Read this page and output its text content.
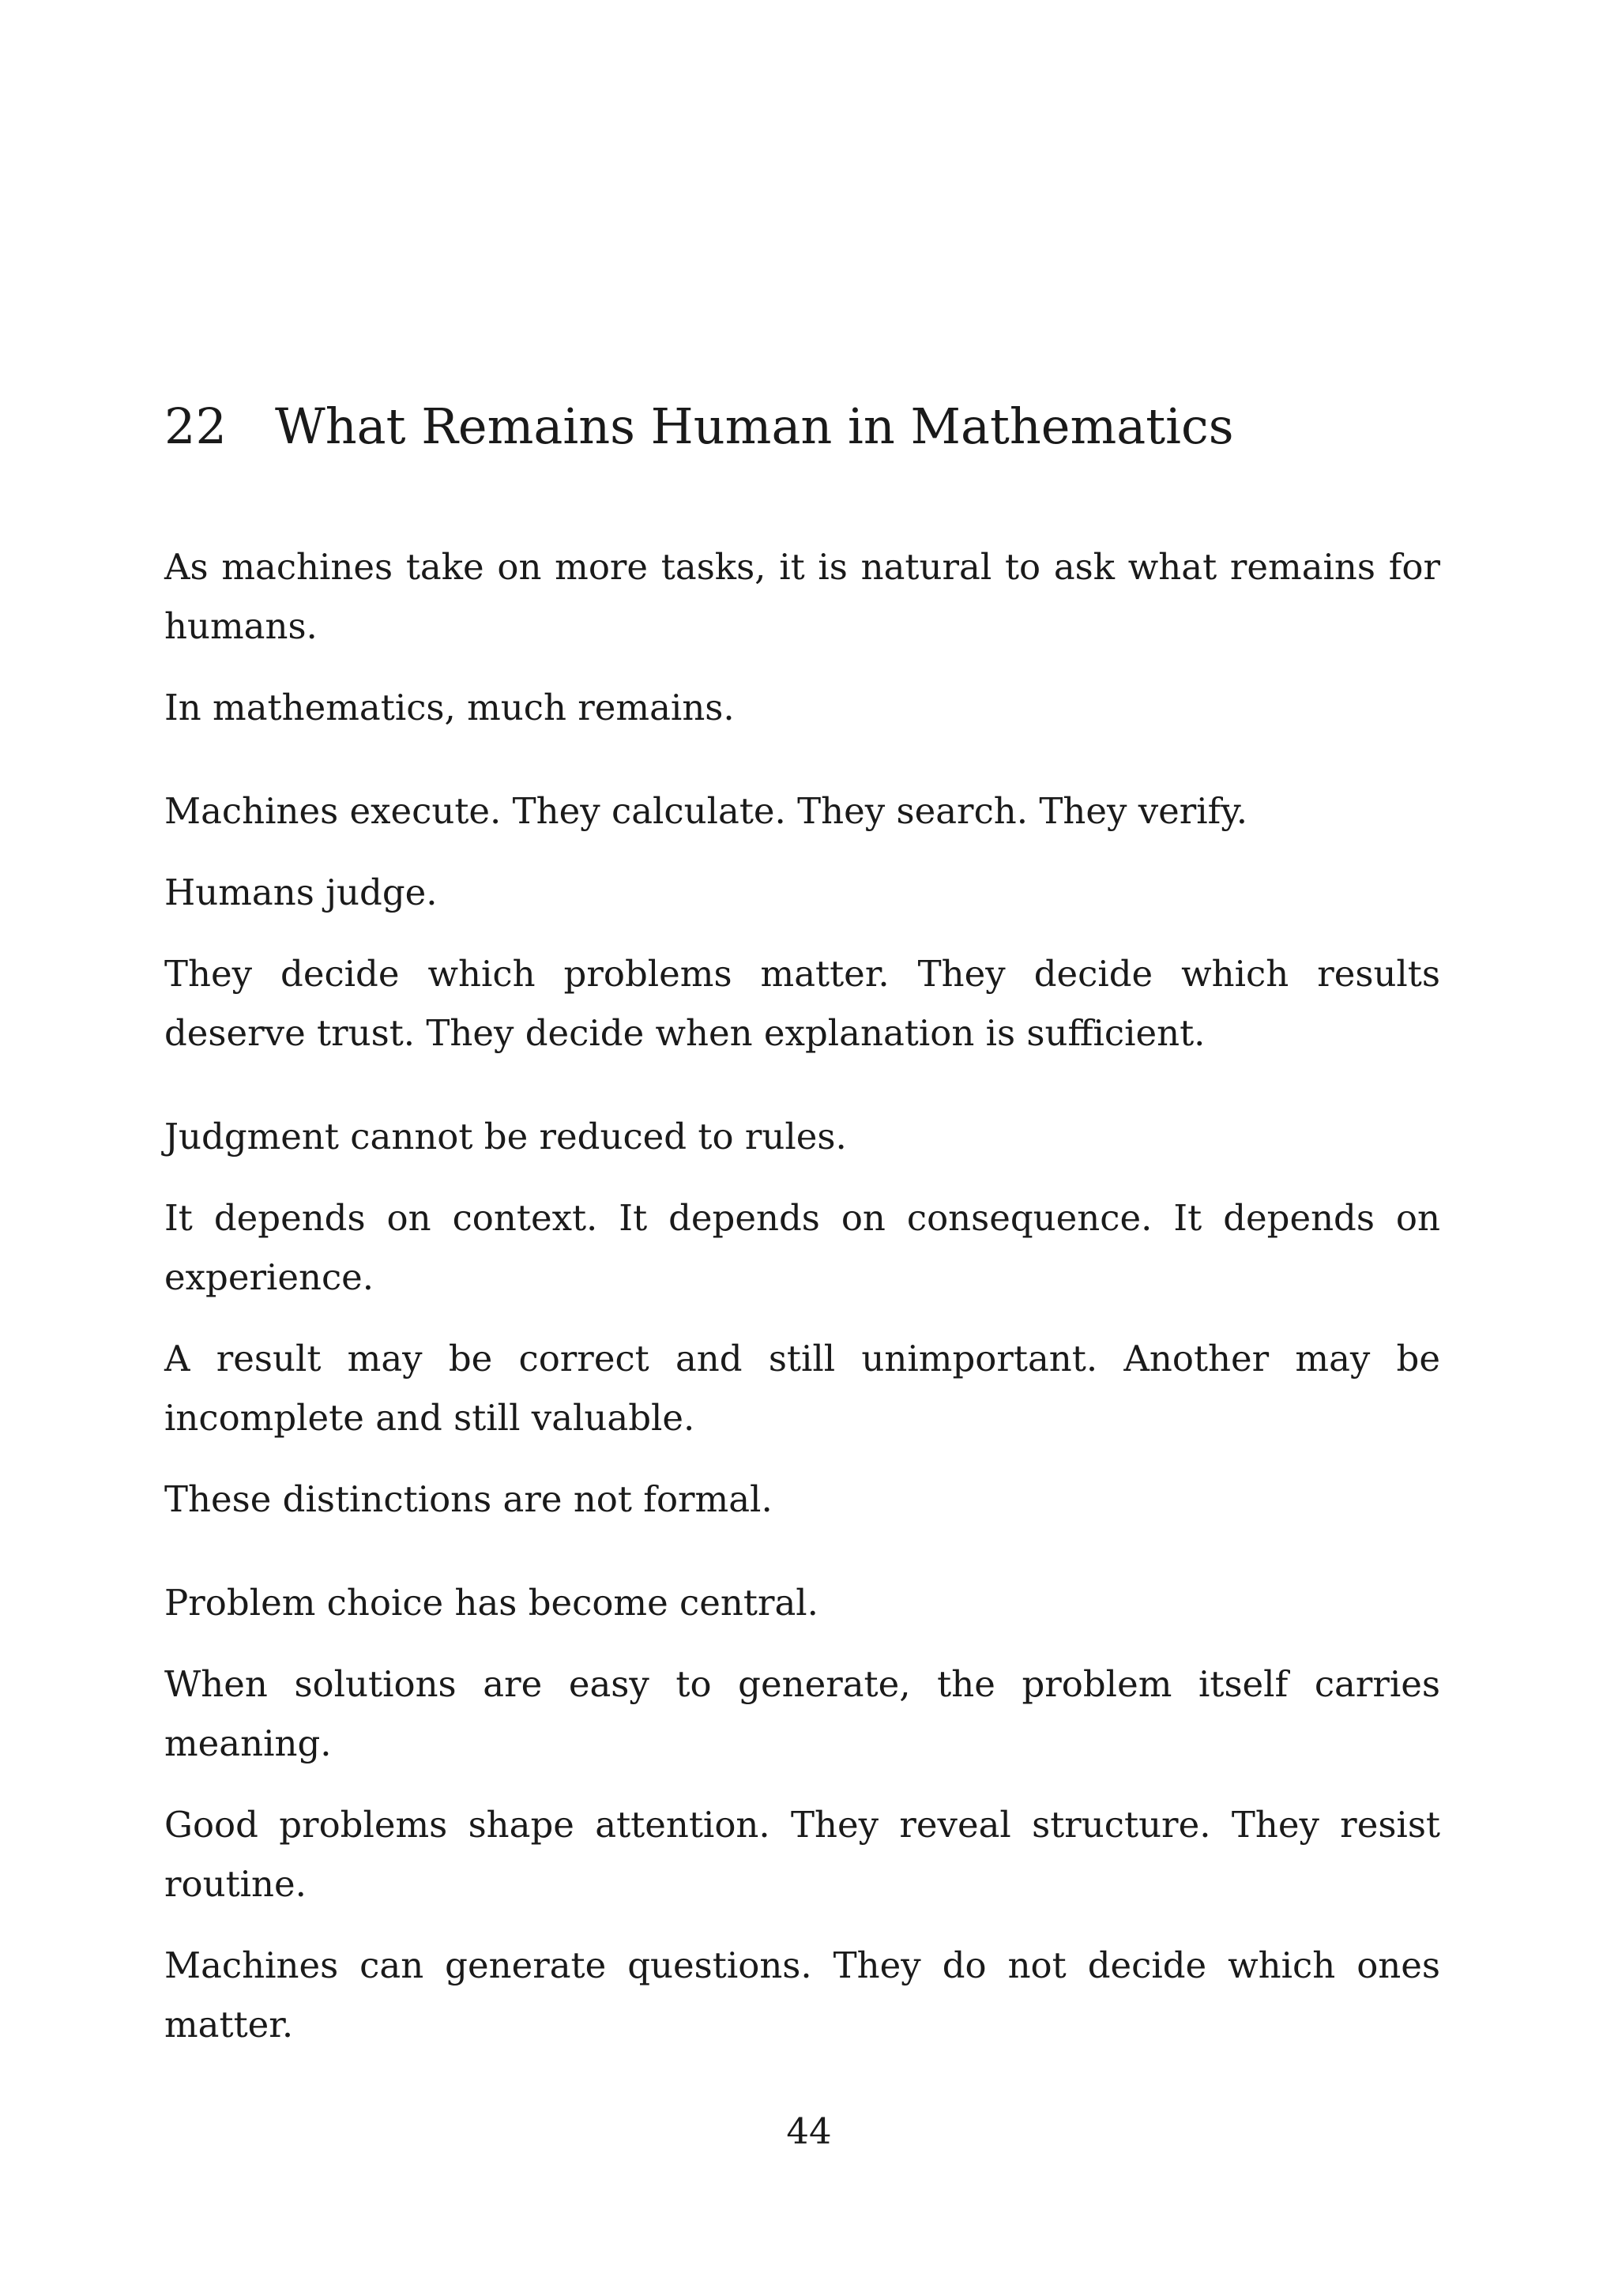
22 What Remains Human in Mathematics

As machines take on more tasks, it is natural to ask what remains for humans.

In mathematics, much remains.

Machines execute. They calculate. They search. They verify.

Humans judge.

They decide which problems matter. They decide which results deserve trust. They decide when explanation is sufficient.

Judgment cannot be reduced to rules.

It depends on context. It depends on consequence. It depends on experience.

A result may be correct and still unimportant. Another may be incomplete and still valuable.

These distinctions are not formal.

Problem choice has become central.

When solutions are easy to generate, the problem itself carries meaning.

Good problems shape attention. They reveal structure. They resist routine.

Machines can generate questions. They do not decide which ones matter.

44
